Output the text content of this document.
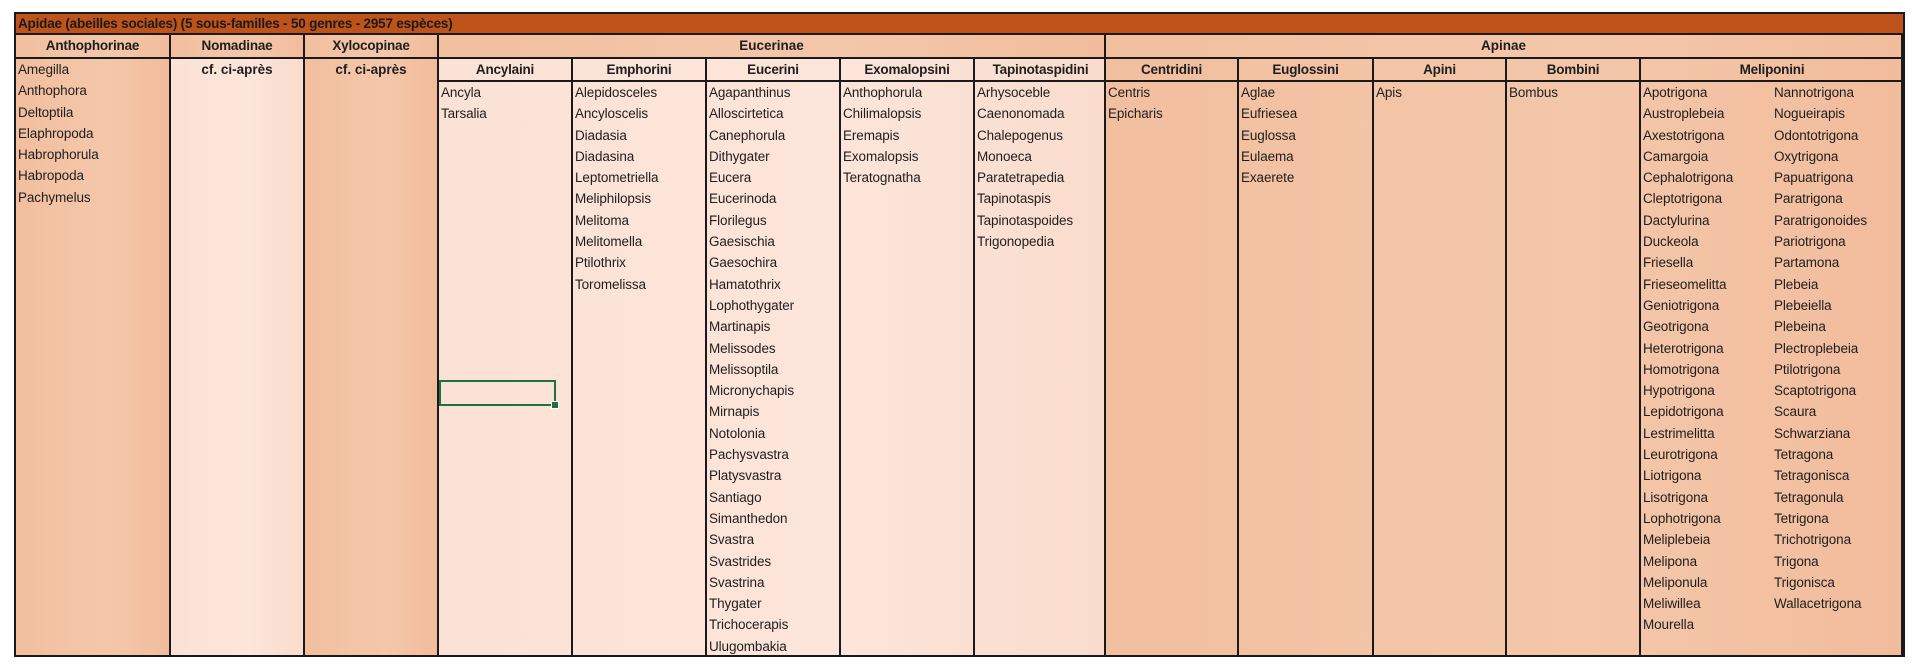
Apidae (abeilles sociales) (5 sous-familles - 50 genres - 2957 espèces)
Anthophorinae
Amegilla
Anthophora
Deltoptila
Elaphropoda
Habrophorula
Habropoda
Pachymelus
Nomadinae
cf. ci-après
Xylocopinae
cf. ci-après
Eucerinae
Ancylaini
Ancyla
Tarsalia
Emphorini
Alepidosceles
Ancyloscelis
Diadasia
Diadasina
Leptometriella
Meliphilopsis
Melitoma
Melitomella
Ptilothrix
Toromelissa
Eucerini
Agapanthinus
Alloscirtetica
Canephorula
Dithygater
Eucera
Eucerinoda
Florilegus
Gaesischia
Gaesochira
Hamatothrix
Lophothygater
Martinapis
Melissodes
Melissoptila
Micronychapis
Mirnapis
Notolonia
Pachysvastra
Platysvastra
Santiago
Simanthedon
Svastra
Svastrides
Svastrina
Thygater
Trichocerapis
Ulugombakia
Exomalopsini
Anthophorula
Chilimalopsis
Eremapis
Exomalopsis
Teratognatha
Tapinotaspidini
Arhysoceble
Caenonomada
Chalepogenus
Monoeca
Paratetrapedia
Tapinotaspis
Tapinotaspoides
Trigonopedia
Apinae
Centridini
Centris
Epicharis
Euglossini
Aglae
Eufriesea
Euglossa
Eulaema
Exaerete
Apini
Apis
Bombini
Bombus
Meliponini
Apotrigona
Austroplebeia
Axestotrigona
Camargoia
Cephalotrigona
Cleptotrigona
Dactylurina
Duckeola
Friesella
Frieseomelitta
Geniotrigona
Geotrigona
Heterotrigona
Homotrigona
Hypotrigona
Lepidotrigona
Lestrimelitta
Leurotrigona
Liotrigona
Lisotrigona
Lophotrigona
Meliplebeia
Melipona
Meliponula
Meliwillea
Mourella
Nannotrigona
Nogueirapis
Odontotrigona
Oxytrigona
Papuatrigona
Paratrigona
Paratrigonoides
Pariotrigona
Partamona
Plebeia
Plebeiella
Plebeina
Plectroplebeia
Ptilotrigona
Scaptotrigona
Scaura
Schwarziana
Tetragona
Tetragonisca
Tetragonula
Tetrigona
Trichotrigona
Trigona
Trigonisca
Wallacetrigona
